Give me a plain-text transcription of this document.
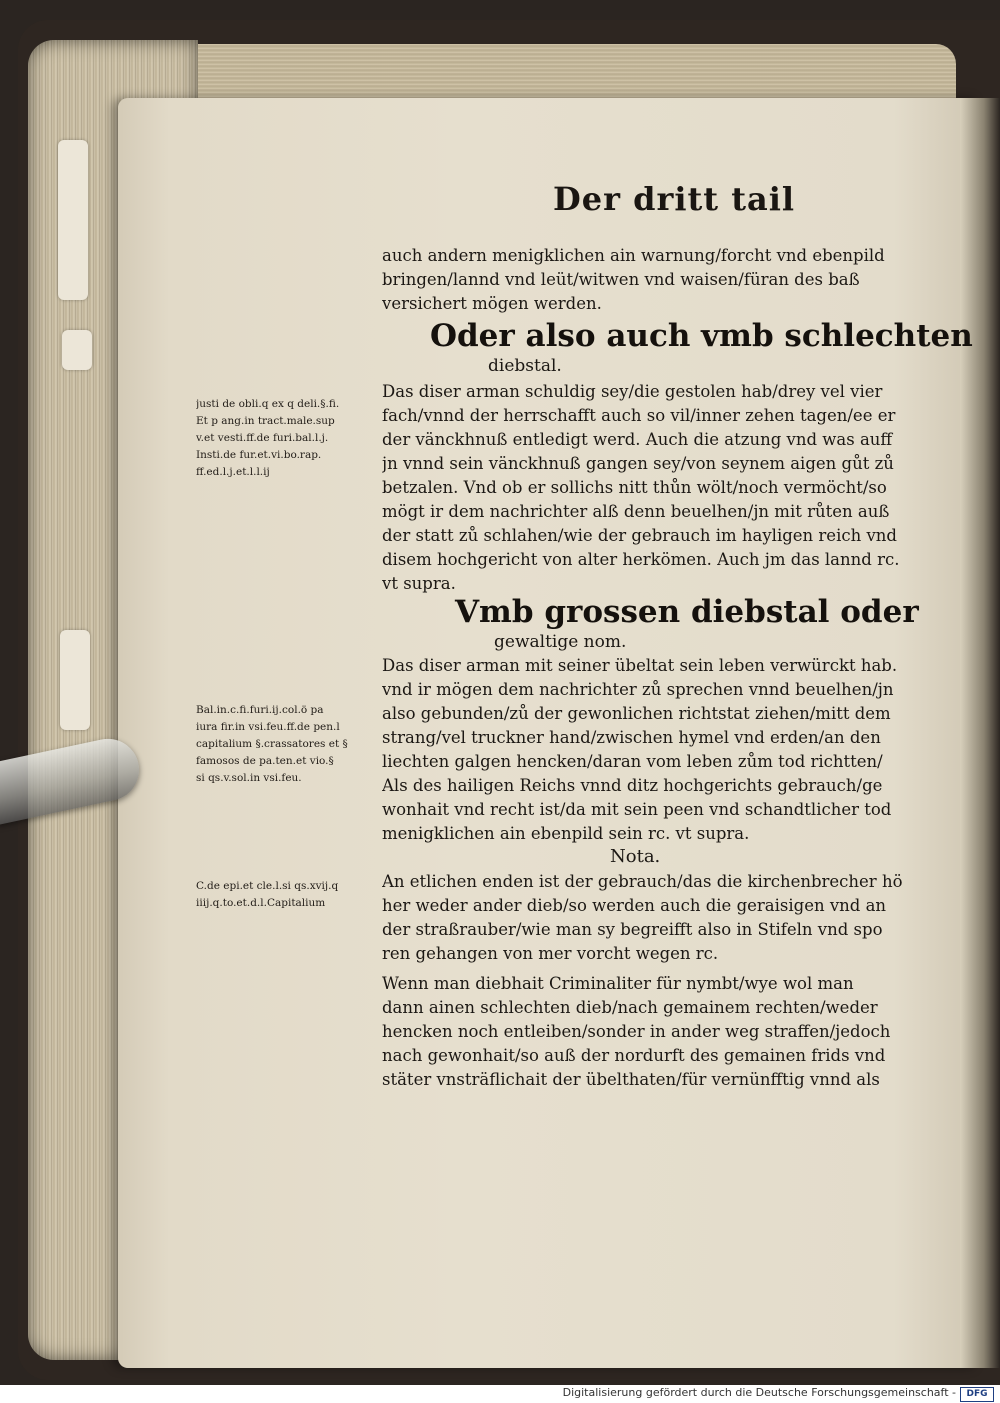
Der dritt tail
auch andern menigklichen ain warnung/forcht vnd ebenpild
bringen/lannd vnd leüt/witwen vnd waisen/füran des baß
versichert mögen werden.
Oder also auch vmb schlechten
diebstal.
Das diser arman schuldig sey/die gestolen hab/drey vel vier
fach/vnnd der herrschafft auch so vil/inner zehen tagen/ee er
der vänckhnuß entledigt werd. Auch die atzung vnd was auff
jn vnnd sein vänckhnuß gangen sey/von seynem aigen gůt zů
betzalen. Vnd ob er sollichs nitt thůn wölt/noch vermöcht/so
mögt ir dem nachrichter alß denn beuelhen/jn mit růten auß
der statt zů schlahen/wie der gebrauch im hayligen reich vnd
disem hochgericht von alter herkömen. Auch jm das lannd rc.
vt supra.
Vmb grossen diebstal oder
gewaltige nom.
Das diser arman mit seiner übeltat sein leben verwürckt hab.
vnd ir mögen dem nachrichter zů sprechen vnnd beuelhen/jn
also gebunden/zů der gewonlichen richtstat ziehen/mitt dem
strang/vel truckner hand/zwischen hymel vnd erden/an den
liechten galgen hencken/daran vom leben zům tod richtten/
Als des hailigen Reichs vnnd ditz hochgerichts gebrauch/ge
wonhait vnd recht ist/da mit sein peen vnd schandtlicher tod
menigklichen ain ebenpild sein rc. vt supra.
Nota.
An etlichen enden ist der gebrauch/das die kirchenbrecher hö
her weder ander dieb/so werden auch die geraisigen vnd an
der straßrauber/wie man sy begreifft also in Stifeln vnd spo
ren gehangen von mer vorcht wegen rc.
Wenn man diebhait Criminaliter für nymbt/wye wol man
dann ainen schlechten dieb/nach gemainem rechten/weder
hencken noch entleiben/sonder in ander weg straffen/jedoch
nach gewonhait/so auß der nordurft des gemainen frids vnd
stäter vnsträflichait der übelthaten/für vernünfftig vnnd als
justi de obli.q ex q deli.§.fi.
Et p ang.in tract.male.sup
v.et vesti.ff.de furi.bal.l.j.
Insti.de fur.et.vi.bo.rap.
ff.ed.l.j.et.l.l.ij
Bal.in.c.fi.furi.ij.col.ö pa
iura fir.in vsi.feu.ff.de pen.l
capitalium §.crassatores et §
famosos de pa.ten.et vio.§
si qs.v.sol.in vsi.feu.
C.de epi.et cle.l.si qs.xvij.q
iiij.q.to.et.d.l.Capitalium
Digitalisierung gefördert durch die Deutsche Forschungsgemeinschaft -	DFG
